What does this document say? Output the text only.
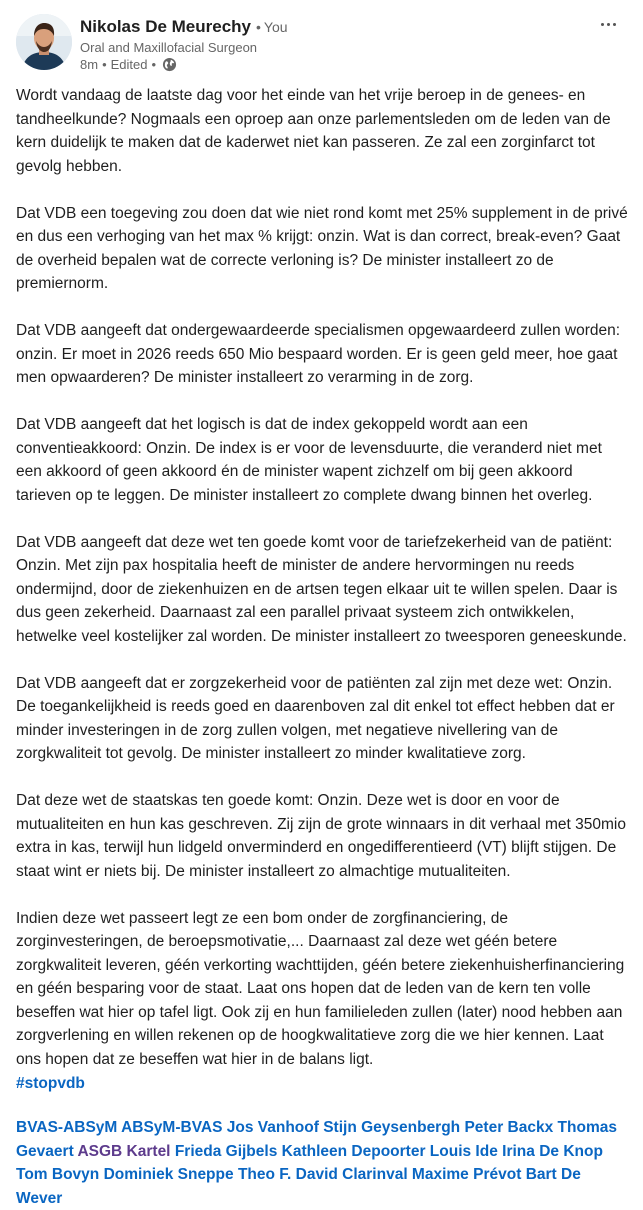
Nikolas De Meurechy • You
Oral and Maxillofacial Surgeon
8m • Edited •

Wordt vandaag de laatste dag voor het einde van het vrije beroep in de genees- en tandheelkunde? Nogmaals een oproep aan onze parlementsleden om de leden van de kern duidelijk te maken dat de kaderwet niet kan passeren. Ze zal een zorginfarct tot gevolg hebben.

Dat VDB een toegeving zou doen dat wie niet rond komt met 25% supplement in de privé en dus een verhoging van het max % krijgt: onzin. Wat is dan correct, break-even? Gaat de overheid bepalen wat de correcte verloning is? De minister installeert zo de premiernorm.

Dat VDB aangeeft dat ondergewaardeerde specialismen opgewaardeerd zullen worden: onzin. Er moet in 2026 reeds 650 Mio bespaard worden. Er is geen geld meer, hoe gaat men opwaarderen? De minister installeert zo verarming in de zorg.

Dat VDB aangeeft dat het logisch is dat de index gekoppeld wordt aan een conventieakkoord: Onzin. De index is er voor de levensduurte, die veranderd niet met een akkoord of geen akkoord én de minister wapent zichzelf om bij geen akkoord tarieven op te leggen. De minister installeert zo complete dwang binnen het overleg.

Dat VDB aangeeft dat deze wet ten goede komt voor de tariefzekerheid van de patiënt: Onzin. Met zijn pax hospitalia heeft de minister de andere hervormingen nu reeds ondermijnd, door de ziekenhuizen en de artsen tegen elkaar uit te willen spelen. Daar is dus geen zekerheid. Daarnaast zal een parallel privaat systeem zich ontwikkelen, hetwelke veel kostelijker zal worden. De minister installeert zo tweesporen geneeskunde.

Dat VDB aangeeft dat er zorgzekerheid voor de patiënten zal zijn met deze wet: Onzin. De toegankelijkheid is reeds goed en daarenboven zal dit enkel tot effect hebben dat er minder investeringen in de zorg zullen volgen, met negatieve nivellering van de zorgkwaliteit tot gevolg. De minister installeert zo minder kwalitatieve zorg.

Dat deze wet de staatskas ten goede komt: Onzin. Deze wet is door en voor de mutualiteiten en hun kas geschreven. Zij zijn de grote winnaars in dit verhaal met 350mio extra in kas, terwijl hun lidgeld onverminderd en ongedifferentieerd (VT) blijft stijgen. De staat wint er niets bij. De minister installeert zo almachtige mutualiteiten.

Indien deze wet passeert legt ze een bom onder de zorgfinanciering, de zorginvesteringen, de beroepsmotivatie,... Daarnaast zal deze wet géén betere zorgkwaliteit leveren, géén verkorting wachttijden, géén betere ziekenhuisherfinanciering en géén besparing voor de staat. Laat ons hopen dat de leden van de kern ten volle beseffen wat hier op tafel ligt. Ook zij en hun familieleden zullen (later) nood hebben aan zorgverlening en willen rekenen op de hoogkwalitatieve zorg die we hier kennen. Laat ons hopen dat ze beseffen wat hier in de balans ligt.

#stopvdb
BVAS-ABSyM ABSyM-BVAS Jos Vanhoof Stijn Geysenbergh Peter Backx Thomas Gevaert ASGB Kartel Frieda Gijbels Kathleen Depoorter Louis Ide Irina De Knop Tom Bovyn Dominiek Sneppe Theo F. David Clarinval Maxime Prévot Bart De Wever
